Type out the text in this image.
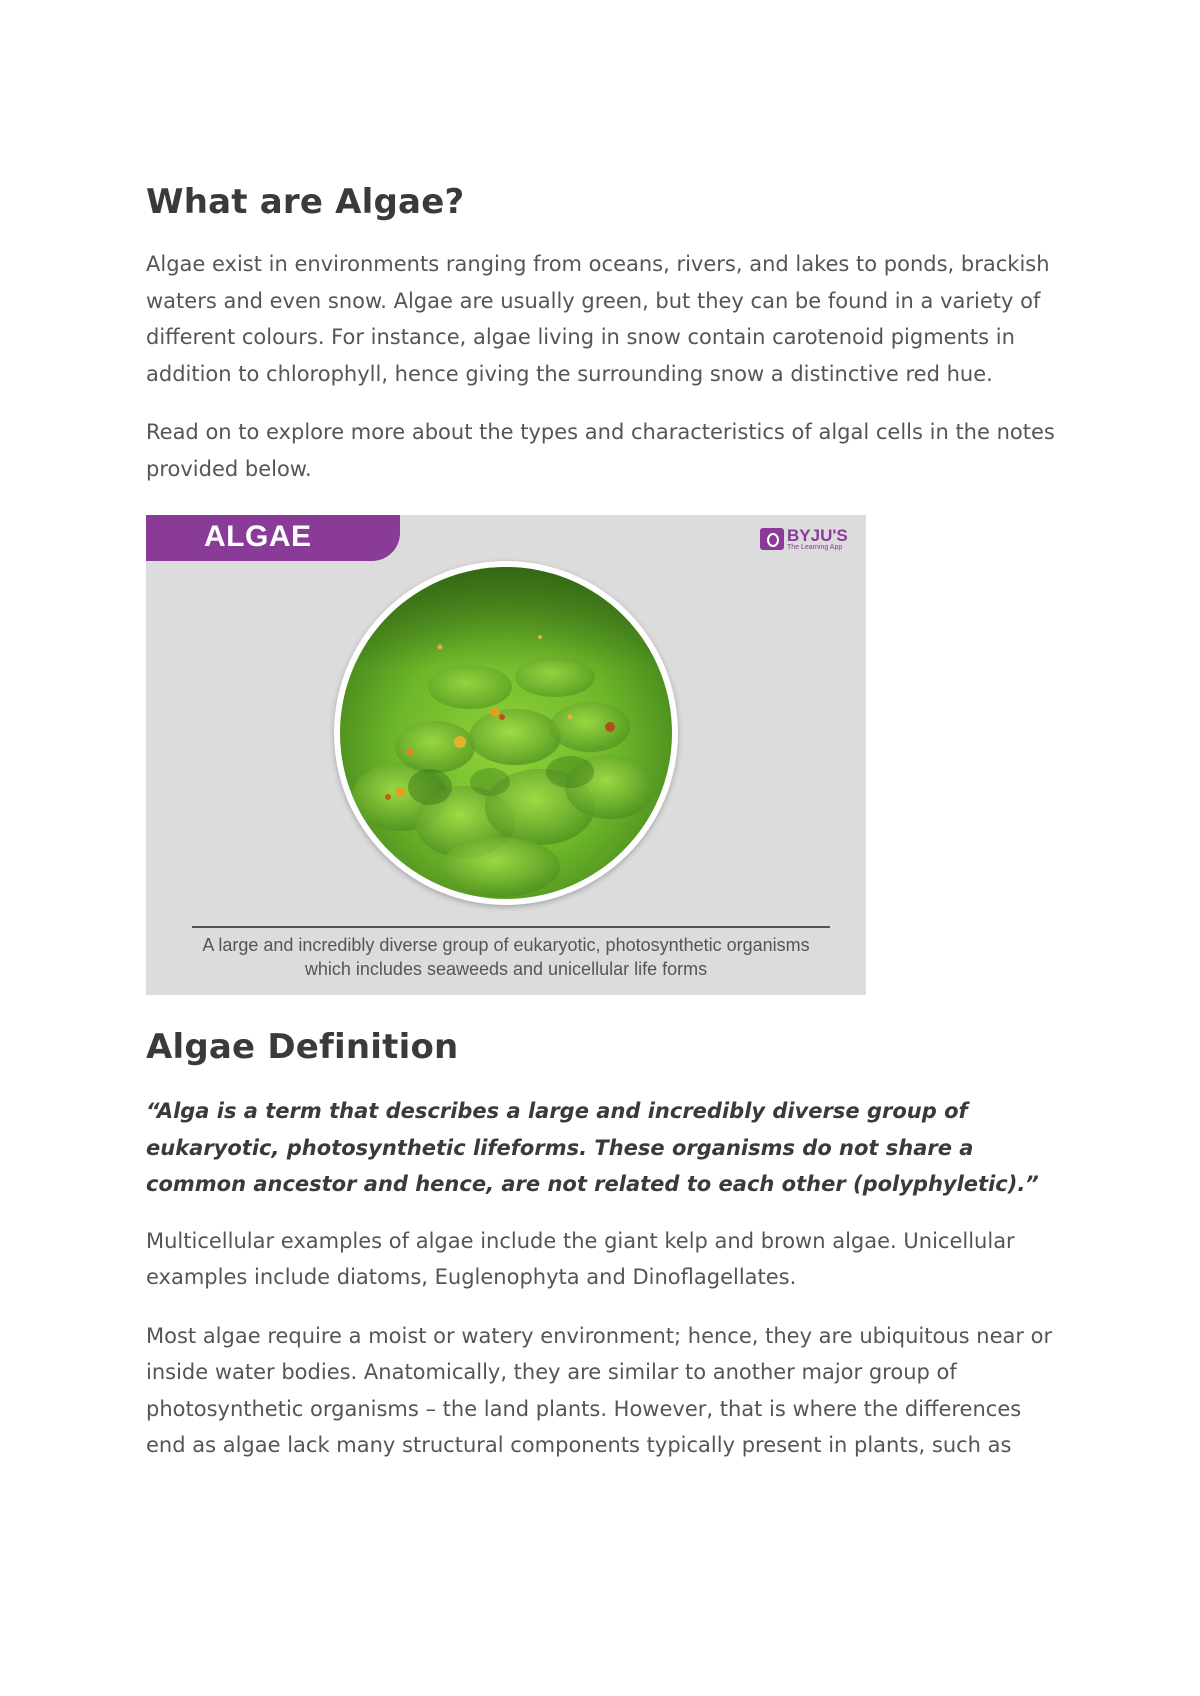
What are Algae?

Algae exist in environments ranging from oceans, rivers, and lakes to ponds, brackish waters and even snow. Algae are usually green, but they can be found in a variety of different colours. For instance, algae living in snow contain carotenoid pigments in addition to chlorophyll, hence giving the surrounding snow a distinctive red hue.

Read on to explore more about the types and characteristics of algal cells in the notes provided below.

ALGAE	BYJU'S
The Learning App
A large and incredibly diverse group of eukaryotic, photosynthetic organisms
which includes seaweeds and unicellular life forms
Algae Definition

“Alga is a term that describes a large and incredibly diverse group of eukaryotic, photosynthetic lifeforms. These organisms do not share a common ancestor and hence, are not related to each other (polyphyletic).”

Multicellular examples of algae include the giant kelp and brown algae. Unicellular examples include diatoms, Euglenophyta and Dinoflagellates.

Most algae require a moist or watery environment; hence, they are ubiquitous near or inside water bodies. Anatomically, they are similar to another major group of photosynthetic organisms – the land plants. However, that is where the differences end as algae lack many structural components typically present in plants, such as
